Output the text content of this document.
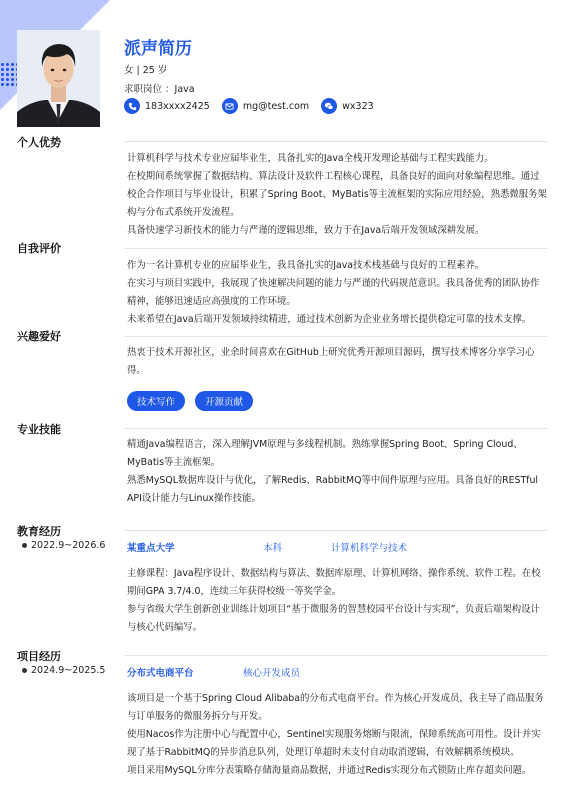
派声简历
女 | 25 岁
求职岗位 ：Java
183xxxx2425	mg@test.com	wx323
个人优势
计算机科学与技术专业应届毕业生，具备扎实的Java全栈开发理论基础与工程实践能力。
在校期间系统掌握了数据结构、算法设计及软件工程核心课程，具备良好的面向对象编程思维。通过校企合作项目与毕业设计，积累了Spring Boot、MyBatis等主流框架的实际应用经验，熟悉微服务架构与分布式系统开发流程。
具备快速学习新技术的能力与严谨的逻辑思维，致力于在Java后端开发领域深耕发展。
自我评价
作为一名计算机专业的应届毕业生，我具备扎实的Java技术栈基础与良好的工程素养。
在实习与项目实践中，我展现了快速解决问题的能力与严谨的代码规范意识。我具备优秀的团队协作精神，能够迅速适应高强度的工作环境。
未来希望在Java后端开发领域持续精进，通过技术创新为企业业务增长提供稳定可靠的技术支撑。
兴趣爱好
热衷于技术开源社区，业余时间喜欢在GitHub上研究优秀开源项目源码，撰写技术博客分享学习心得。
技术写作	开源贡献
专业技能
精通Java编程语言，深入理解JVM原理与多线程机制。熟练掌握Spring Boot、Spring Cloud、MyBatis等主流框架。
熟悉MySQL数据库设计与优化，了解Redis、RabbitMQ等中间件原理与应用。具备良好的RESTful API设计能力与Linux操作技能。
教育经历
2022.9~2026.6 某重点大学	本科	计算机科学与技术
主修课程：Java程序设计、数据结构与算法、数据库原理、计算机网络、操作系统、软件工程。在校期间GPA 3.7/4.0，连续三年获得校级一等奖学金。
参与省级大学生创新创业训练计划项目“基于微服务的智慧校园平台设计与实现”，负责后端架构设计与核心代码编写。
项目经历
2024.9~2025.5 分布式电商平台	核心开发成员
该项目是一个基于Spring Cloud Alibaba的分布式电商平台。作为核心开发成员，我主导了商品服务与订单服务的微服务拆分与开发。
使用Nacos作为注册中心与配置中心，Sentinel实现服务熔断与限流，保障系统高可用性。设计并实现了基于RabbitMQ的异步消息队列，处理订单超时未支付自动取消逻辑，有效解耦系统模块。
项目采用MySQL分库分表策略存储海量商品数据，并通过Redis实现分布式锁防止库存超卖问题。
